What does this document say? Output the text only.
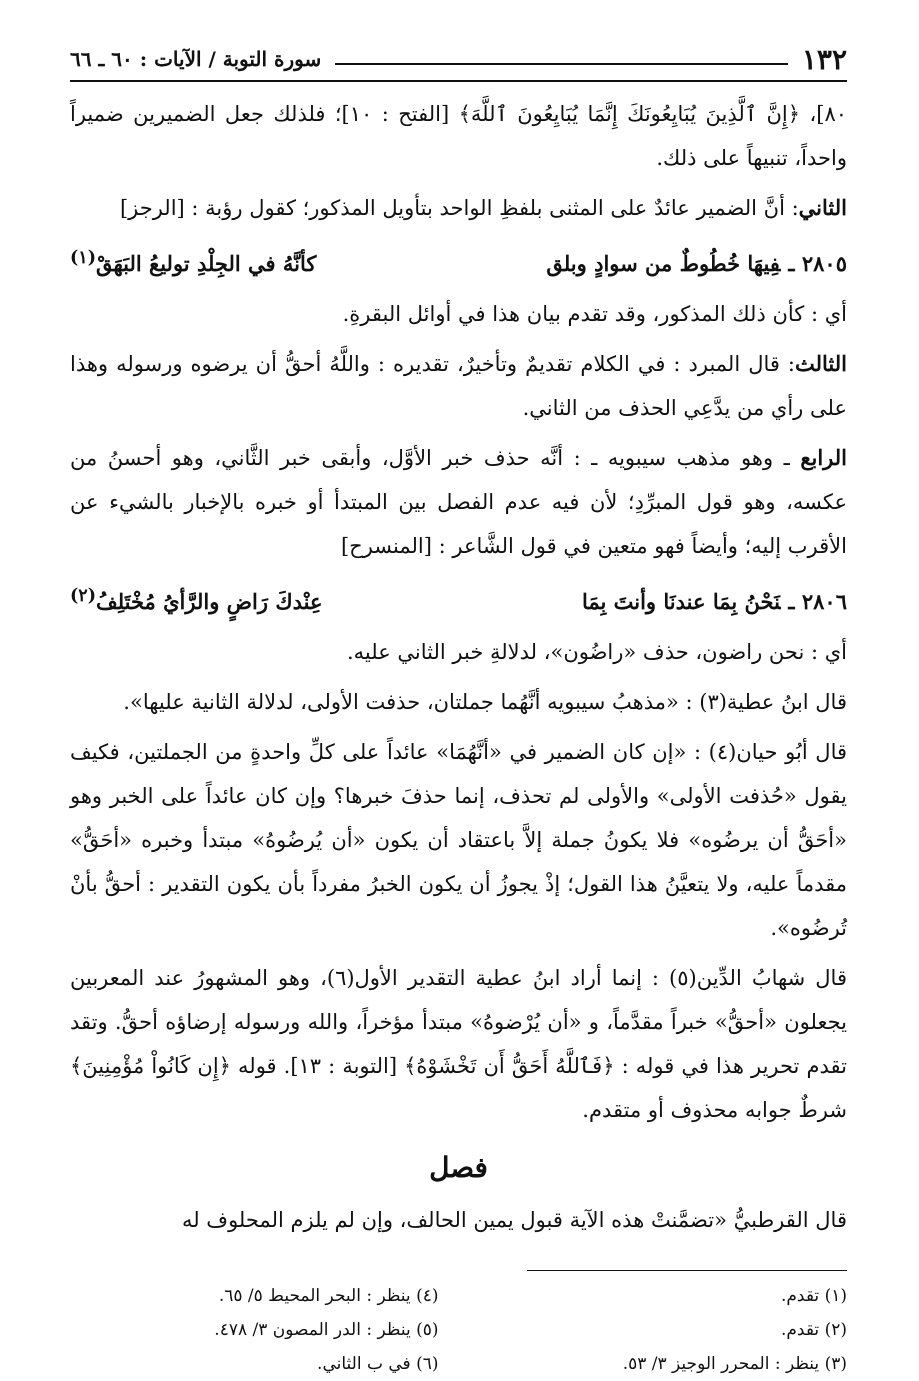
١٣٢
سورة التوبة / الآيات : ٦٠ ـ ٦٦

٨٠]، ﴿إِنَّ ٱلَّذِينَ يُبَايِعُونَكَ إِنَّمَا يُبَايِعُونَ ٱللَّهَ﴾ [الفتح : ١٠]؛ فلذلك جعل الضميرين ضميراً واحداً، تنبيهاً على ذلك.

الثاني: أنَّ الضمير عائدٌ على المثنى بلفظِ الواحد بتأويل المذكور؛ كقول رؤبة : [الرجز]

٢٨٠٥ ـفِيهَا خُطُوطٌ من سوادٍ وبلق
كأنَّهُ في الجِلْدِ توليعُ البَهَقْ$^{(١)}$

أي : كأن ذلك المذكور، وقد تقدم بيان هذا في أوائل البقرةِ.

الثالث: قال المبرد : في الكلام تقديمٌ وتأخيرٌ، تقديره : واللَّهُ أحقُّ أن يرضوه ورسوله وهذا على رأي من يدَّعِي الحذف من الثاني.

الرابع ـ وهو مذهب سيبويه ـ : أنَّه حذف خبر الأوَّل، وأبقى خبر الثَّاني، وهو أحسنُ من عكسه، وهو قول المبرِّدِ؛ لأن فيه عدم الفصل بين المبتدأ أو خبره بالإخبار بالشيء عن الأقرب إليه؛ وأيضاً فهو متعين في قول الشَّاعر : [المنسرح]

٢٨٠٦ ـنَحْنُ بِمَا عندنَا وأنتَ بِمَا
عِنْدكَ رَاضٍ والرَّأيُ مُخْتَلِفُ$^{(٢)}$

أي : نحن راضون، حذف «راضُون»، لدلالةِ خبر الثاني عليه.

قال ابنُ عطية(٣) : «مذهبُ سيبويه أنَّهُما جملتان، حذفت الأولى، لدلالة الثانية عليها».

قال أبُو حيان(٤) : «إن كان الضمير في «أنَّهُمَا» عائداً على كلِّ واحدةٍ من الجملتين، فكيف يقول «حُذفت الأولى» والأولى لم تحذف، إنما حذفَ خبرها؟ وإن كان عائداً على الخبر وهو «أحَقُّ أن يرضُوه» فلا يكونُ جملة إلاَّ باعتقاد أن يكون «أن يُرضُوهُ» مبتدأ وخبره «أحَقُّ» مقدماً عليه، ولا يتعيَّنُ هذا القول؛ إذْ يجوزُ أن يكون الخبرُ مفرداً بأن يكون التقدير : أحقُّ بأنْ تُرضُوه».

قال شهابُ الدِّين(٥) : إنما أراد ابنُ عطية التقدير الأول(٦)، وهو المشهورُ عند المعربين يجعلون «أحقُّ» خبراً مقدَّماً، و «أن يُرْضوهُ» مبتدأ مؤخراً، والله ورسوله إرضاؤه أحقُّ. وتقد تقدم تحرير هذا في قوله : ﴿فَٱللَّهُ أَحَقُّ أَن تَخْشَوْهُ﴾ [التوبة : ١٣]. قوله ﴿إِن كَانُواْ مُؤْمِنِينَ﴾ شرطٌ جوابه محذوف أو متقدم.

فصل

قال القرطبيُّ «تضمَّنتْ هذه الآية قبول يمين الحالف، وإن لم يلزم المحلوف له

(١) تقدم.
(٤) ينظر : البحر المحيط ٥/ ٦٥.
(٢) تقدم.
(٥) ينظر : الدر المصون ٣/ ٤٧٨.
(٣) ينظر : المحرر الوجيز ٣/ ٥٣.
(٦) في ب الثاني.
